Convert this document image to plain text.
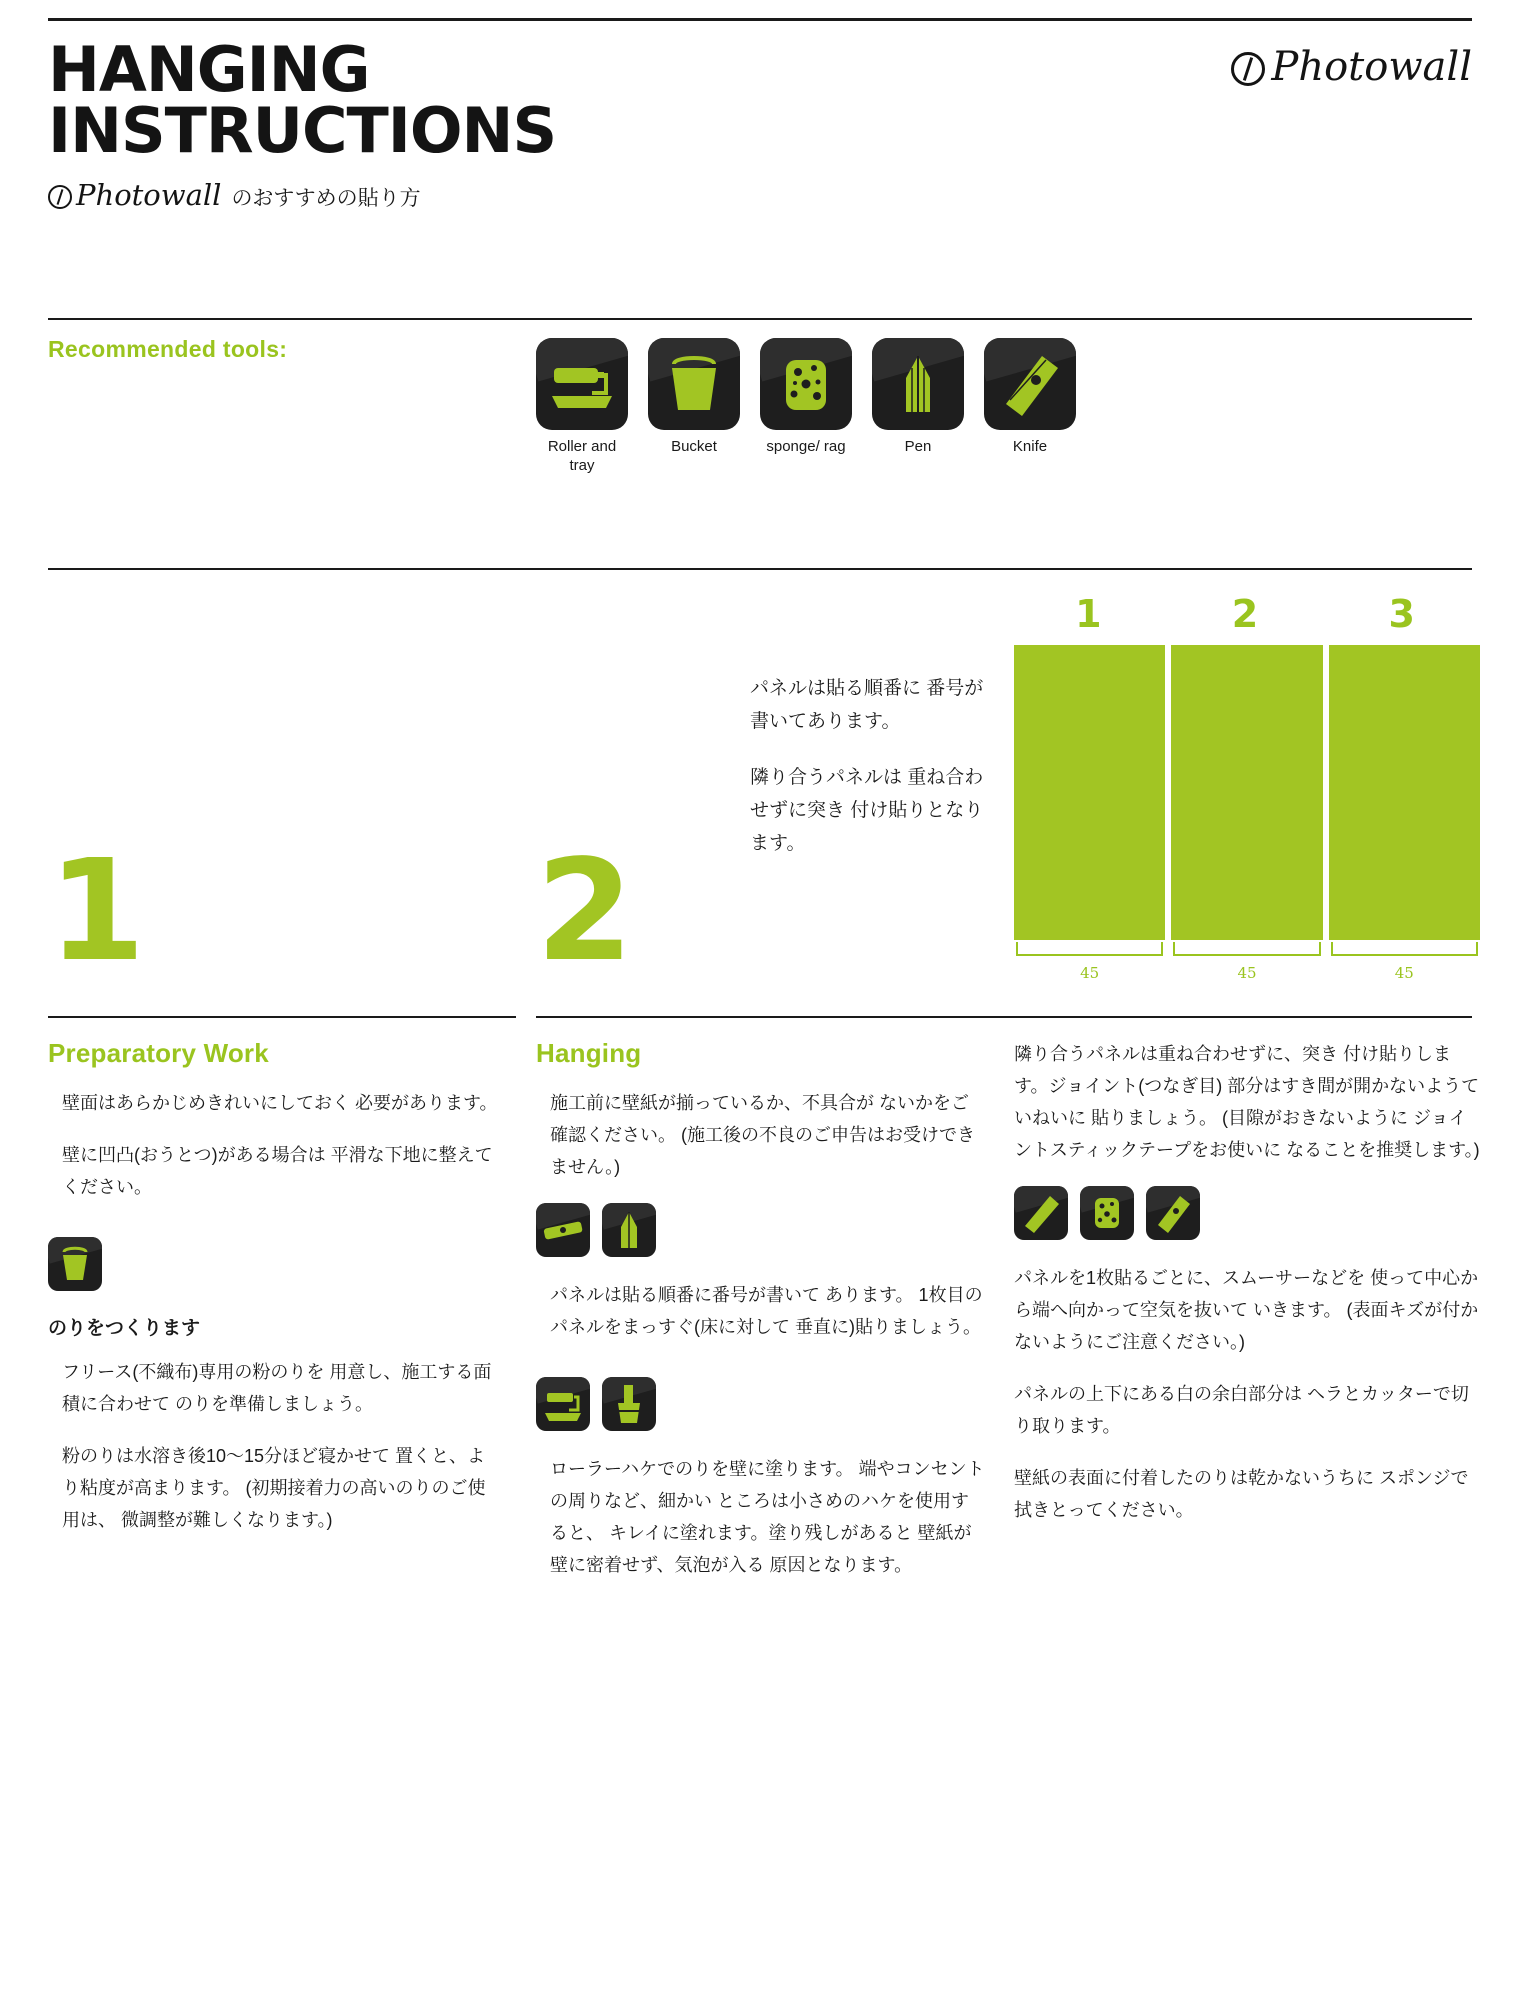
HANGING
INSTRUCTIONS
Photowall
Photowall のおすすめの貼り方
Recommended tools:
Roller and tray
Bucket	sponge/ rag	Pen	Knife
1	2	3
45	45	45

パネルは貼る順番に 番号が書いてあります。

隣り合うパネルは 重ね合わせずに突き 付け貼りとなります。

1	2
Preparatory Work

壁面はあらかじめきれいにしておく 必要があります。

壁に凹凸(おうとつ)がある場合は 平滑な下地に整えてください。

のりをつくります

フリース(不織布)専用の粉のりを 用意し、施工する面積に合わせて のりを準備しましょう。

粉のりは水溶き後10〜15分ほど寝かせて 置くと、より粘度が高まります。 (初期接着力の高いのりのご使用は、 微調整が難しくなります。)

Hanging

施工前に壁紙が揃っているか、不具合が ないかをご確認ください。 (施工後の不良のご申告はお受けできません。)

パネルは貼る順番に番号が書いて あります。 1枚目のパネルをまっすぐ(床に対して 垂直に)貼りましょう。

ローラーハケでのりを壁に塗ります。 端やコンセントの周りなど、細かい ところは小さめのハケを使用すると、 キレイに塗れます。塗り残しがあると 壁紙が壁に密着せず、気泡が入る 原因となります。

隣り合うパネルは重ね合わせずに、突き 付け貼りします。ジョイント(つなぎ目) 部分はすき間が開かないようていねいに 貼りましょう。 (目隙がおきないように ジョイントスティックテープをお使いに なることを推奨します。)

パネルを1枚貼るごとに、スムーサーなどを 使って中心から端へ向かって空気を抜いて いきます。 (表面キズが付かないようにご注意ください。)

パネルの上下にある白の余白部分は ヘラとカッターで切り取ります。

壁紙の表面に付着したのりは乾かないうちに スポンジで拭きとってください。
